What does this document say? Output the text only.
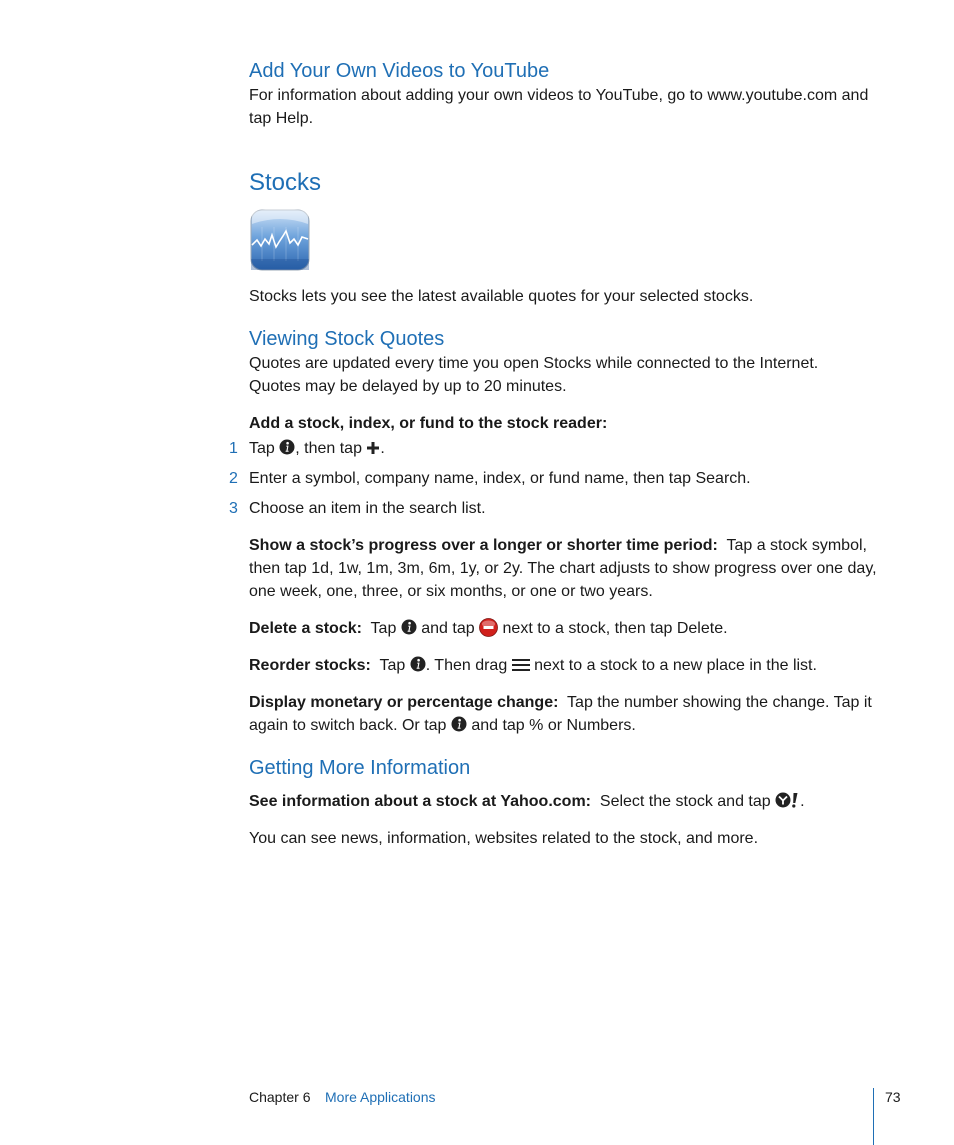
Add Your Own Videos to YouTube

For information about adding your own videos to YouTube, go to www.youtube.com and tap Help.

Stocks

Stocks lets you see the latest available quotes for your selected stocks.

Viewing Stock Quotes

Quotes are updated every time you open Stocks while connected to the Internet. Quotes may be delayed by up to 20 minutes.

Add a stock, index, or fund to the stock reader:

1 Tap , then tap .
2 Enter a symbol, company name, index, or fund name, then tap Search.
3 Choose an item in the search list.

Show a stock’s progress over a longer or shorter time period: Tap a stock symbol, then tap 1d, 1w, 1m, 3m, 6m, 1y, or 2y. The chart adjusts to show progress over one day, one week, one, three, or six months, or one or two years.

Delete a stock: Tap  and tap  next to a stock, then tap Delete.

Reorder stocks: Tap . Then drag  next to a stock to a new place in the list.

Display monetary or percentage change: Tap the number showing the change. Tap it again to switch back. Or tap  and tap % or Numbers.

Getting More Information

See information about a stock at Yahoo.com: Select the stock and tap .

You can see news, information, websites related to the stock, and more.

Chapter 6 More Applications	73
